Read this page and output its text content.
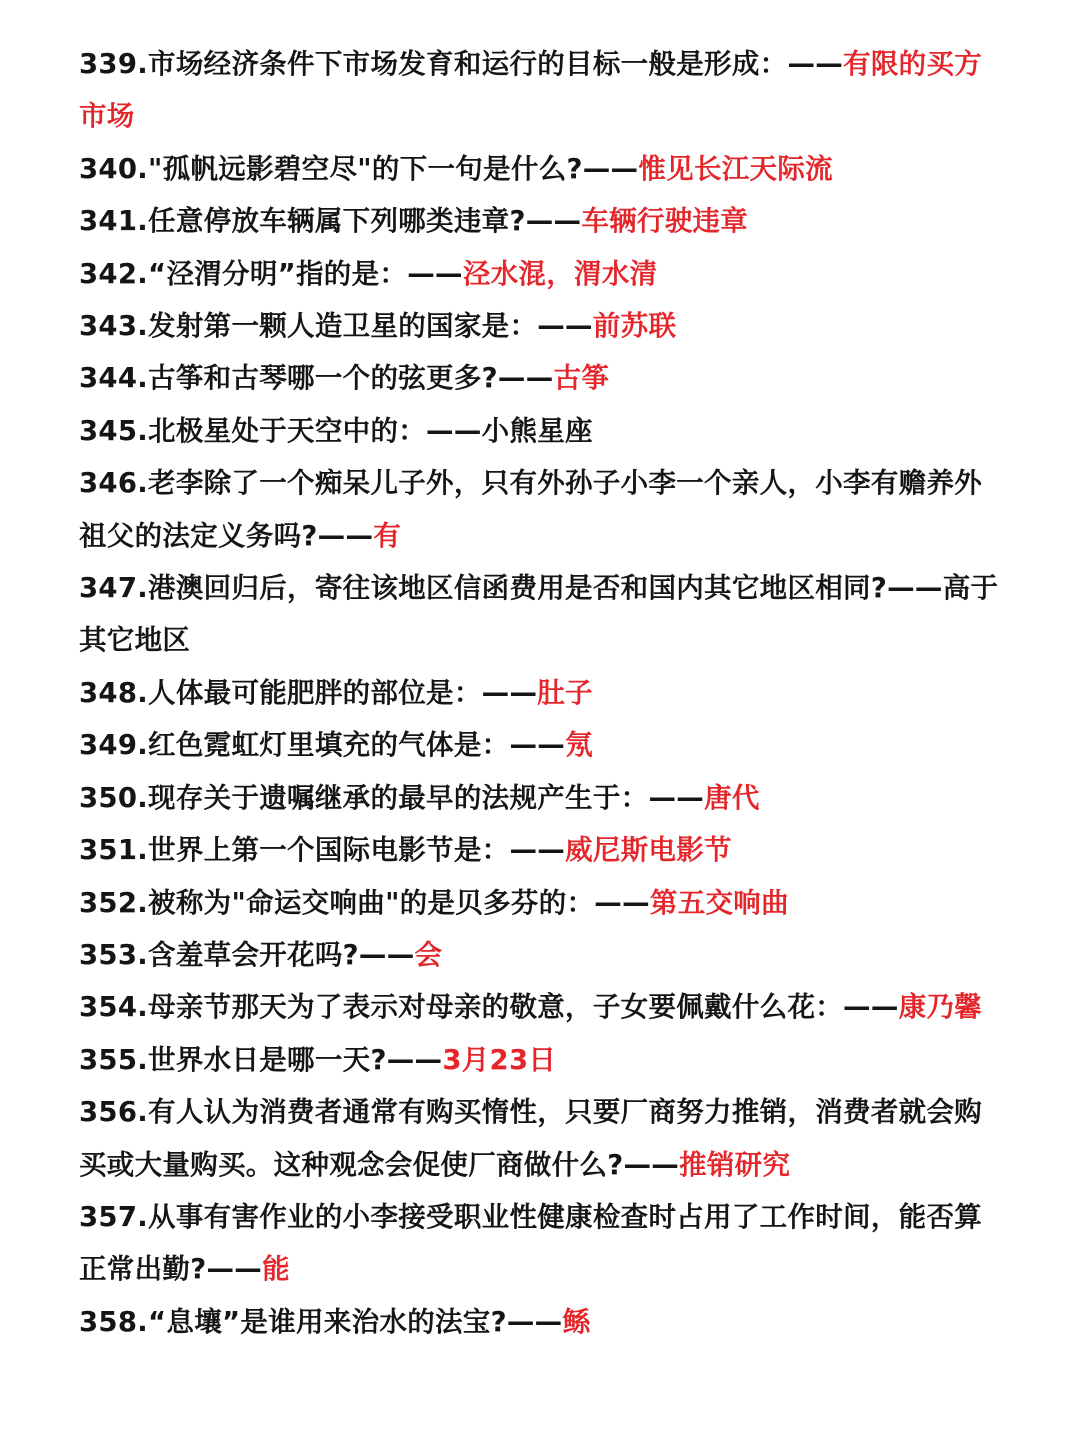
339.市场经济条件下市场发育和运行的目标一般是形成：——有限的买方市场
340."孤帆远影碧空尽"的下一句是什么?——惟见长江天际流
341.任意停放车辆属下列哪类违章?——车辆行驶违章
342.“泾渭分明”指的是：——泾水混，渭水清
343.发射第一颗人造卫星的国家是：——前苏联
344.古筝和古琴哪一个的弦更多?——古筝
345.北极星处于天空中的：——小熊星座
346.老李除了一个痴呆儿子外，只有外孙子小李一个亲人，小李有赡养外祖父的法定义务吗?——有
347.港澳回归后，寄往该地区信函费用是否和国内其它地区相同?——高于其它地区
348.人体最可能肥胖的部位是：——肚子
349.红色霓虹灯里填充的气体是：——氖
350.现存关于遗嘱继承的最早的法规产生于：——唐代
351.世界上第一个国际电影节是：——威尼斯电影节
352.被称为"命运交响曲"的是贝多芬的：——第五交响曲
353.含羞草会开花吗?——会
354.母亲节那天为了表示对母亲的敬意，子女要佩戴什么花：——康乃馨
355.世界水日是哪一天?——3月23日
356.有人认为消费者通常有购买惰性，只要厂商努力推销，消费者就会购买或大量购买。这种观念会促使厂商做什么?——推销研究
357.从事有害作业的小李接受职业性健康检查时占用了工作时间，能否算正常出勤?——能
358.“息壤”是谁用来治水的法宝?——鲧
